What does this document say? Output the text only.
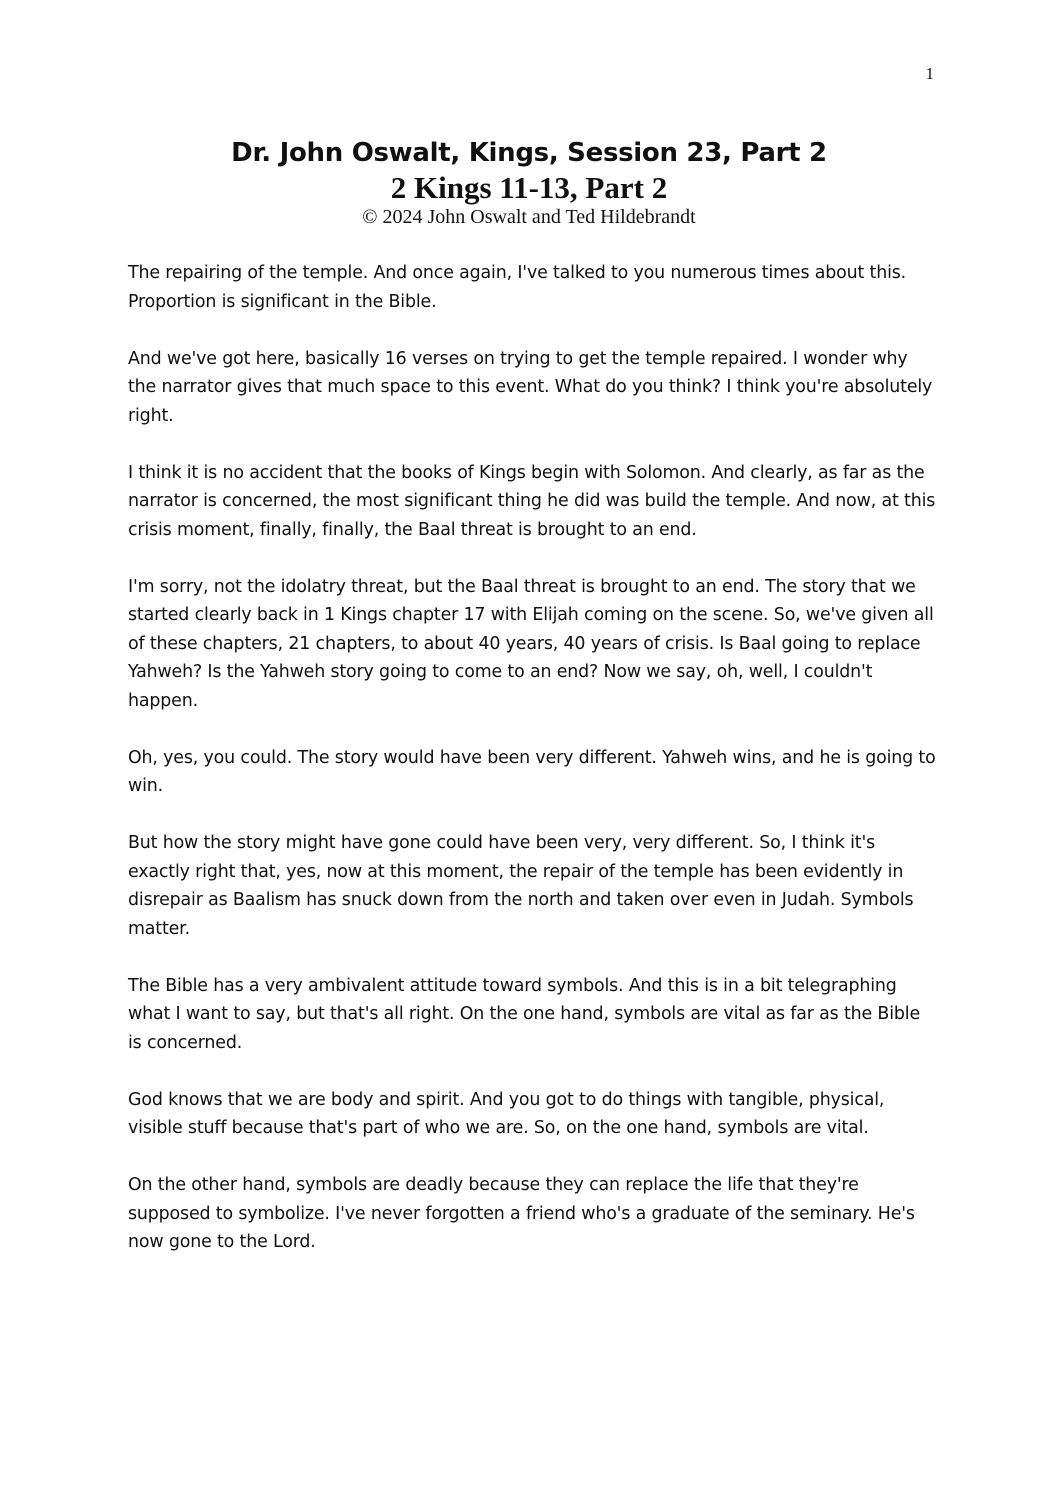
1
Dr. John Oswalt, Kings, Session 23, Part 2
2 Kings 11-13, Part 2
© 2024 John Oswalt and Ted Hildebrandt

The repairing of the temple. And once again, I've talked to you numerous times about this. Proportion is significant in the Bible.

And we've got here, basically 16 verses on trying to get the temple repaired. I wonder why the narrator gives that much space to this event. What do you think? I think you're absolutely right.

I think it is no accident that the books of Kings begin with Solomon. And clearly, as far as the narrator is concerned, the most significant thing he did was build the temple. And now, at this crisis moment, finally, finally, the Baal threat is brought to an end.

I'm sorry, not the idolatry threat, but the Baal threat is brought to an end. The story that we started clearly back in 1 Kings chapter 17 with Elijah coming on the scene. So, we've given all of these chapters, 21 chapters, to about 40 years, 40 years of crisis. Is Baal going to replace Yahweh? Is the Yahweh story going to come to an end? Now we say, oh, well, I couldn't happen.

Oh, yes, you could. The story would have been very different. Yahweh wins, and he is going to win.

But how the story might have gone could have been very, very different. So, I think it's exactly right that, yes, now at this moment, the repair of the temple has been evidently in disrepair as Baalism has snuck down from the north and taken over even in Judah. Symbols matter.

The Bible has a very ambivalent attitude toward symbols. And this is in a bit telegraphing what I want to say, but that's all right. On the one hand, symbols are vital as far as the Bible is concerned.

God knows that we are body and spirit. And you got to do things with tangible, physical, visible stuff because that's part of who we are. So, on the one hand, symbols are vital.

On the other hand, symbols are deadly because they can replace the life that they're supposed to symbolize. I've never forgotten a friend who's a graduate of the seminary. He's now gone to the Lord.
